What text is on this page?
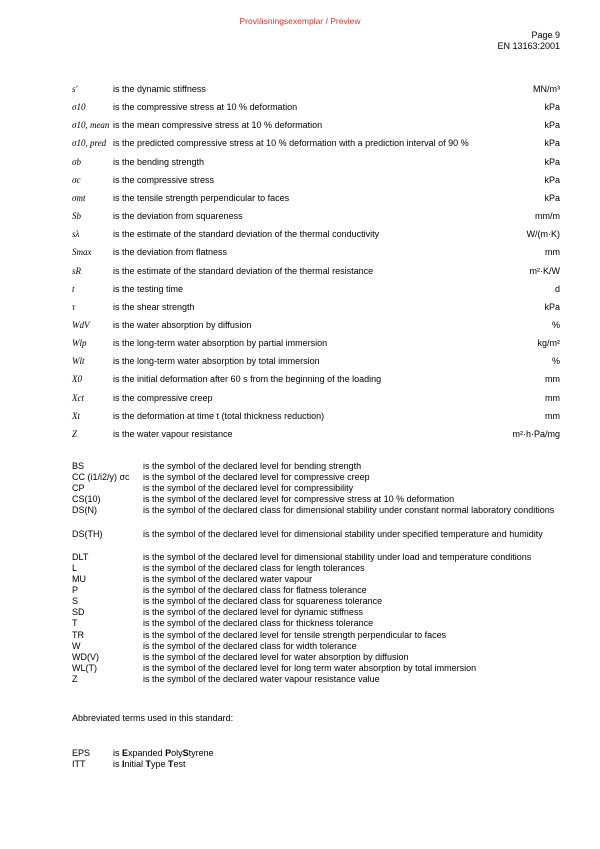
Provläsningsexemplar / Preview
Page 9
EN 13163:2001
s'	is the dynamic stiffness	MN/m³
σ10	is the compressive stress at 10 % deformation	kPa
σ10, mean is the mean compressive stress at 10 % deformation	kPa
σ10, pred is the predicted compressive stress at 10 % deformation with a prediction interval of 90 %	kPa
σb	is the bending strength	kPa
σc	is the compressive stress	kPa
σmt	is the tensile strength perpendicular to faces	kPa
Sb	is the deviation from squareness	mm/m
sλ	is the estimate of the standard deviation of the thermal conductivity	W/(m·K)
Smax	is the deviation from flatness	mm
sR	is the estimate of the standard deviation of the thermal resistance	m²·K/W
t	is the testing time	d
τ	is the shear strength	kPa
WdV	is the water absorption by diffusion	%
Wlp	is the long-term water absorption by partial immersion	kg/m²
Wlt	is the long-term water absorption by total immersion	%
X0	is the initial deformation after 60 s from the beginning of the loading	mm
Xct	is the compressive creep	mm
Xt	is the deformation at time t (total thickness reduction)	mm
Z	is the water vapour resistance	m²·h·Pa/mg
BS	is the symbol of the declared level for bending strength
CC (i1/i2/y) σc is the symbol of the declared level for compressive creep
CP	is the symbol of the declared level for compressibility
CS(10)	is the symbol of the declared level for compressive stress at 10 % deformation
DS(N)	is the symbol of the declared class for dimensional stability under constant normal laboratory conditions
DS(TH)	is the symbol of the declared level for dimensional stability under specified temperature and humidity
DLT	is the symbol of the declared level for dimensional stability under load and temperature conditions
L	is the symbol of the declared class for length tolerances
MU	is the symbol of the declared water vapour
P	is the symbol of the declared class for flatness tolerance
S	is the symbol of the declared class for squareness tolerance
SD	is the symbol of the declared level for dynamic stiffness
T	is the symbol of the declared class for thickness tolerance
TR	is the symbol of the declared level for tensile strength perpendicular to faces
W	is the symbol of the declared class for width tolerance
WD(V)	is the symbol of the declared level for water absorption by diffusion
WL(T)	is the symbol of the declared level for long term water absorption by total immersion
Z	is the symbol of the declared water vapour resistance value
Abbreviated terms used in this standard:
EPS	is Expanded PolyStyrene
ITT	is Initial Type Test
